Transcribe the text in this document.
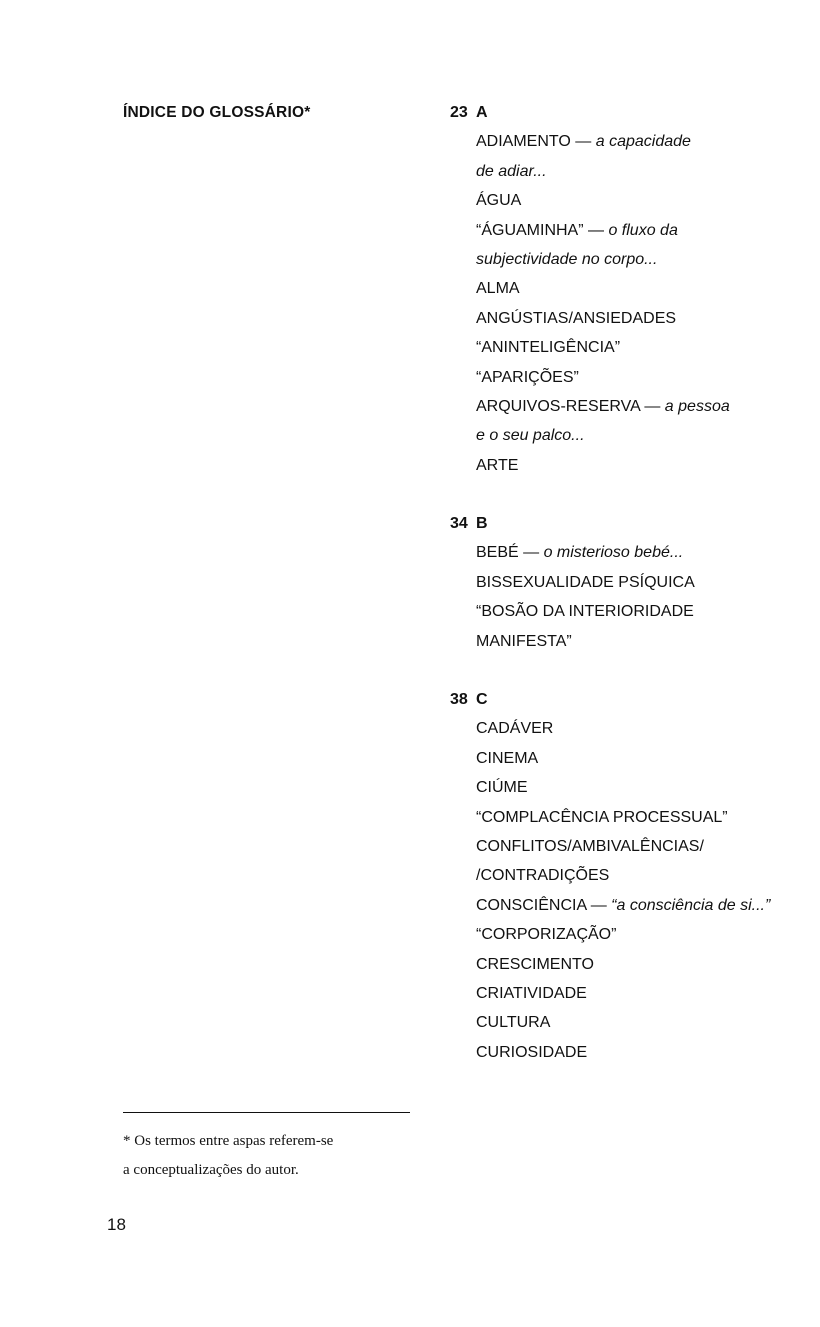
ÍNDICE DO GLOSSÁRIO*	23 A
ADIAMENTO — a capacidade
de adiar...
ÁGUA
“ÁGUAMINHA” — o fluxo da
subjectividade no corpo...
ALMA
ANGÚSTIAS/ANSIEDADES
“ANINTELIGÊNCIA”
“APARIÇÕES”
ARQUIVOS-RESERVA — a pessoa
e o seu palco...
ARTE
34 B
BEBÉ — o misterioso bebé...
BISSEXUALIDADE PSÍQUICA
“BOSÃO DA INTERIORIDADE
MANIFESTA”
38 C
CADÁVER
CINEMA
CIÚME
“COMPLACÊNCIA PROCESSUAL”
CONFLITOS/AMBIVALÊNCIAS/
/CONTRADIÇÕES
CONSCIÊNCIA — “a consciência de si...”
“CORPORIZAÇÃO”
CRESCIMENTO
CRIATIVIDADE
CULTURA
CURIOSIDADE
* Os termos entre aspas referem-se
a conceptualizações do autor.
18
